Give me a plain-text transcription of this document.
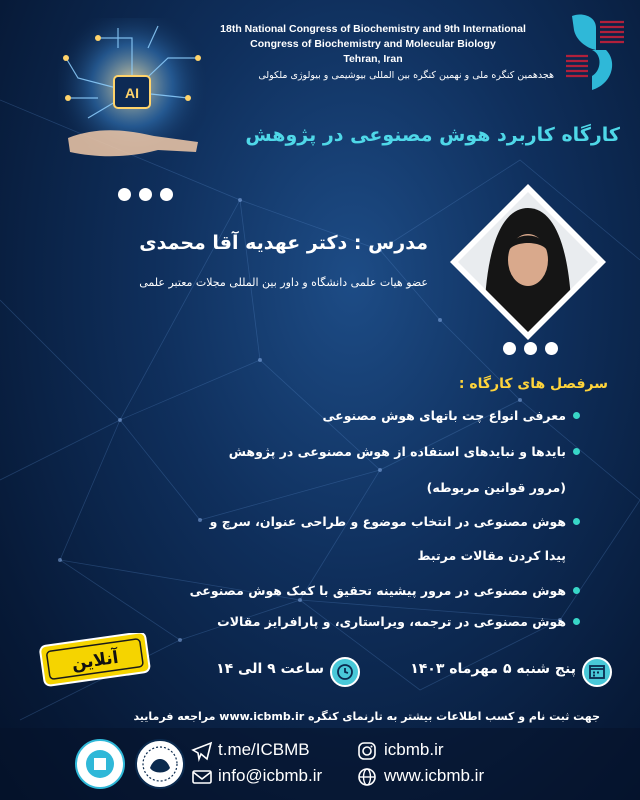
18th National Congress of Biochemistry and 9th International
Congress of Biochemistry and Molecular Biology
Tehran, Iran
هجدهمین کنگره ملی و نهمین کنگره بین المللی بیوشیمی و بیولوژی ملکولی
AI
کارگاه کاربرد هوش مصنوعی در پژوهش
مدرس : دکتر عهدیه آقا محمدی
عضو هیات علمی دانشگاه و داور بین المللی مجلات معتبر علمی
سرفصل های کارگاه :
معرفی انواع چت باتهای هوش مصنوعی
بایدها و نبایدهای استفاده از هوش مصنوعی در پژوهش
(مرور قوانین مربوطه)
هوش مصنوعی در انتخاب موضوع و طراحی عنوان، سرچ و
پیدا کردن مقالات مرتبط
هوش مصنوعی در مرور پیشینه تحقیق با کمک هوش مصنوعی
هوش مصنوعی در ترجمه، ویراستاری، و پارافرایز مقالات
آنلاین	پنج شنبه ۵ مهرماه ۱۴۰۳
ساعت ۹ الی ۱۴
جهت ثبت نام و کسب اطلاعات بیشتر به تارنمای کنگره www.icbmb.ir مراجعه فرمایید
t.me/ICBMB
info@icbmb.ir
icbmb.ir
www.icbmb.ir
